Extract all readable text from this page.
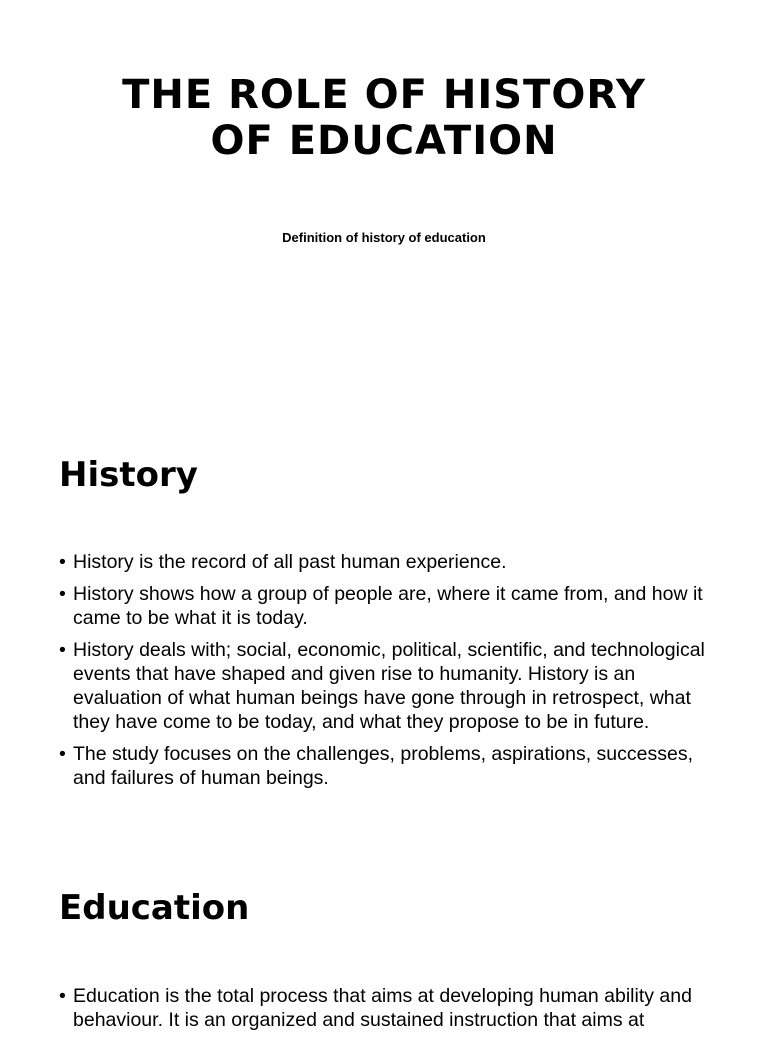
THE ROLE OF HISTORY
OF EDUCATION
Definition of history of education
History
• History is the record of all past human experience.
• History shows how a group of people are, where it came from, and how it came to be what it is today.
• History deals with; social, economic, political, scientific, and technological events that have shaped and given rise to humanity. History is an evaluation of what human beings have gone through in retrospect, what they have come to be today, and what they propose to be in future.
• The study focuses on the challenges, problems, aspirations, successes, and failures of human beings.
Education
• Education is the total process that aims at developing human ability and behaviour. It is an organized and sustained instruction that aims at
